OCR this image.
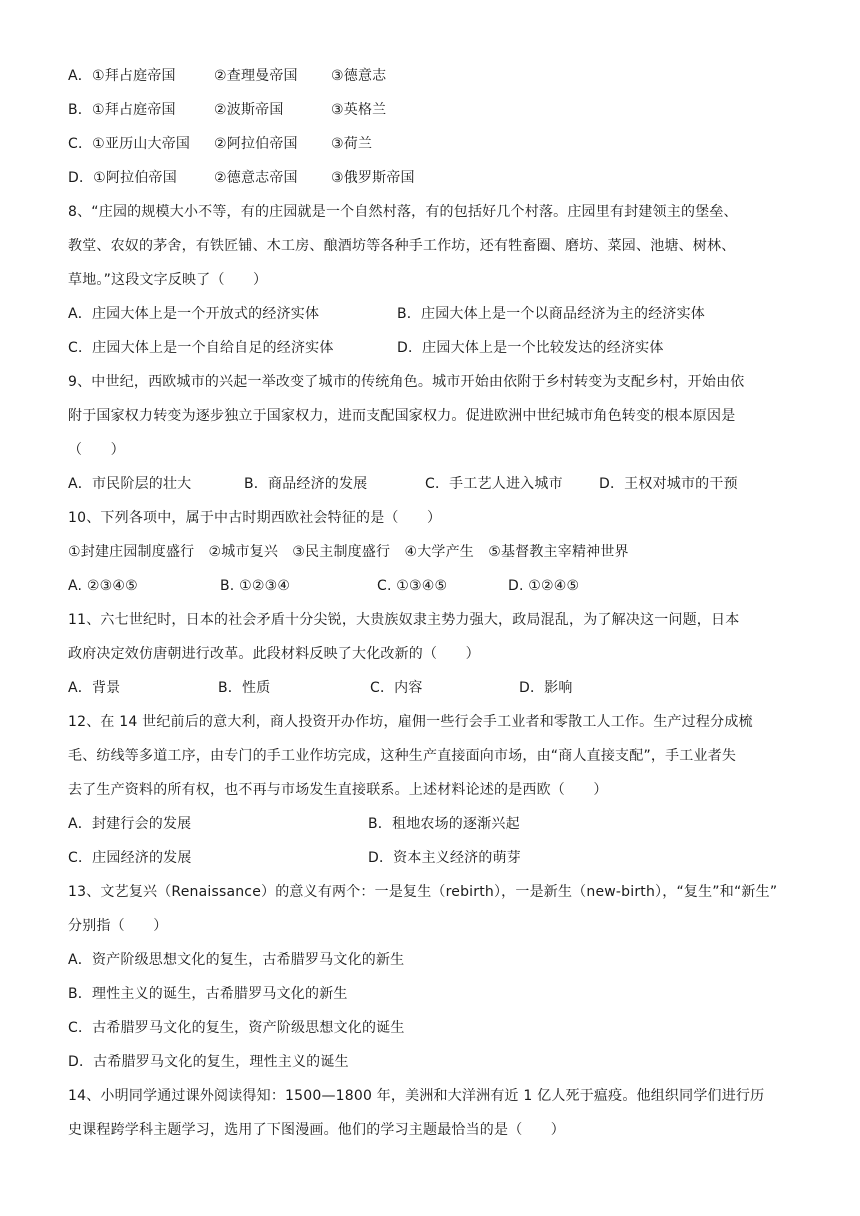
A．①拜占庭帝国	②查理曼帝国 ③德意志
B．①拜占庭帝国	②波斯帝国	③英格兰
C．①亚历山大帝国 ②阿拉伯帝国 ③荷兰
D．①阿拉伯帝国	②德意志帝国 ③俄罗斯帝国
8、“庄园的规模大小不等，有的庄园就是一个自然村落，有的包括好几个村落。庄园里有封建领主的堡垒、
教堂、农奴的茅舍，有铁匠铺、木工房、酿酒坊等各种手工作坊，还有牲畜圈、磨坊、菜园、池塘、树林、
草地。”这段文字反映了（　　）
A．庄园大体上是一个开放式的经济实体	B．庄园大体上是一个以商品经济为主的经济实体
C．庄园大体上是一个自给自足的经济实体	D．庄园大体上是一个比较发达的经济实体
9、中世纪，西欧城市的兴起一举改变了城市的传统角色。城市开始由依附于乡村转变为支配乡村，开始由依
附于国家权力转变为逐步独立于国家权力，进而支配国家权力。促进欧洲中世纪城市角色转变的根本原因是
（　　）
A．市民阶层的壮大	B．商品经济的发展	C．手工艺人进入城市	D．王权对城市的干预
10、下列各项中，属于中古时期西欧社会特征的是（　　）
①封建庄园制度盛行　②城市复兴　③民主制度盛行　④大学产生　⑤基督教主宰精神世界
A. ②③④⑤	B. ①②③④	C. ①③④⑤	D. ①②④⑤
11、六七世纪时，日本的社会矛盾十分尖锐，大贵族奴隶主势力强大，政局混乱，为了解决这一问题，日本
政府决定效仿唐朝进行改革。此段材料反映了大化改新的（　　）
A．背景	B．性质	C．内容	D．影响
12、在 14 世纪前后的意大利，商人投资开办作坊，雇佣一些行会手工业者和零散工人工作。生产过程分成梳
毛、纺线等多道工序，由专门的手工业作坊完成，这种生产直接面向市场，由“商人直接支配”，手工业者失
去了生产资料的所有权，也不再与市场发生直接联系。上述材料论述的是西欧（　　）
A．封建行会的发展	B．租地农场的逐渐兴起
C．庄园经济的发展	D．资本主义经济的萌芽
13、文艺复兴（Renaissance）的意义有两个：一是复生（rebirth），一是新生（new-birth），“复生”和“新生”
分别指（　　）
A．资产阶级思想文化的复生，古希腊罗马文化的新生
B．理性主义的诞生，古希腊罗马文化的新生
C．古希腊罗马文化的复生，资产阶级思想文化的诞生
D．古希腊罗马文化的复生，理性主义的诞生
14、小明同学通过课外阅读得知：1500—1800 年，美洲和大洋洲有近 1 亿人死于瘟疫。他组织同学们进行历
史课程跨学科主题学习，选用了下图漫画。他们的学习主题最恰当的是（　　）
